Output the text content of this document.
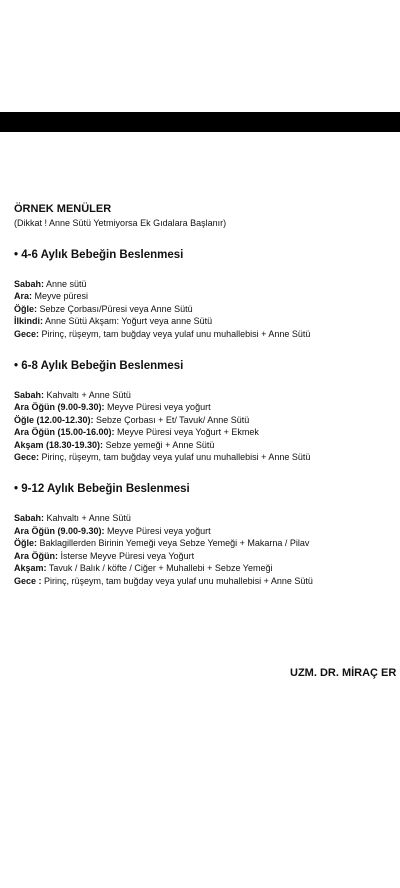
ÖRNEK MENÜLER

(Dikkat ! Anne Sütü Yetmiyorsa Ek Gıdalara Başlanır)

• 4-6 Aylık Bebeğin Beslenmesi

Sabah: Anne sütü
Ara: Meyve püresi
Öğle: Sebze Çorbası/Püresi veya Anne Sütü
İlkindi: Anne Sütü Akşam: Yoğurt veya anne Sütü
Gece: Pirinç, rüşeym, tam buğday veya yulaf unu muhallebisi + Anne Sütü

• 6-8 Aylık Bebeğin Beslenmesi

Sabah: Kahvaltı + Anne Sütü
Ara Öğün (9.00-9.30): Meyve Püresi veya yoğurt
Öğle (12.00-12.30): Sebze Çorbası + Et/ Tavuk/ Anne Sütü
Ara Öğün (15.00-16.00): Meyve Püresi veya Yoğurt + Ekmek
Akşam (18.30-19.30): Sebze yemeği + Anne Sütü
Gece: Pirinç, rüşeym, tam buğday veya yulaf unu muhallebisi + Anne Sütü

• 9-12 Aylık Bebeğin Beslenmesi

Sabah: Kahvaltı + Anne Sütü
Ara Öğün (9.00-9.30): Meyve Püresi veya yoğurt
Öğle: Baklagillerden Birinin Yemeği veya Sebze Yemeği + Makarna / Pilav
Ara Öğün: İsterse Meyve Püresi veya Yoğurt
Akşam: Tavuk / Balık / köfte / Ciğer + Muhallebi + Sebze Yemeği
Gece : Pirinç, rüşeym, tam buğday veya yulaf unu muhallebisi + Anne Sütü
UZM. DR. MİRAÇ ER
